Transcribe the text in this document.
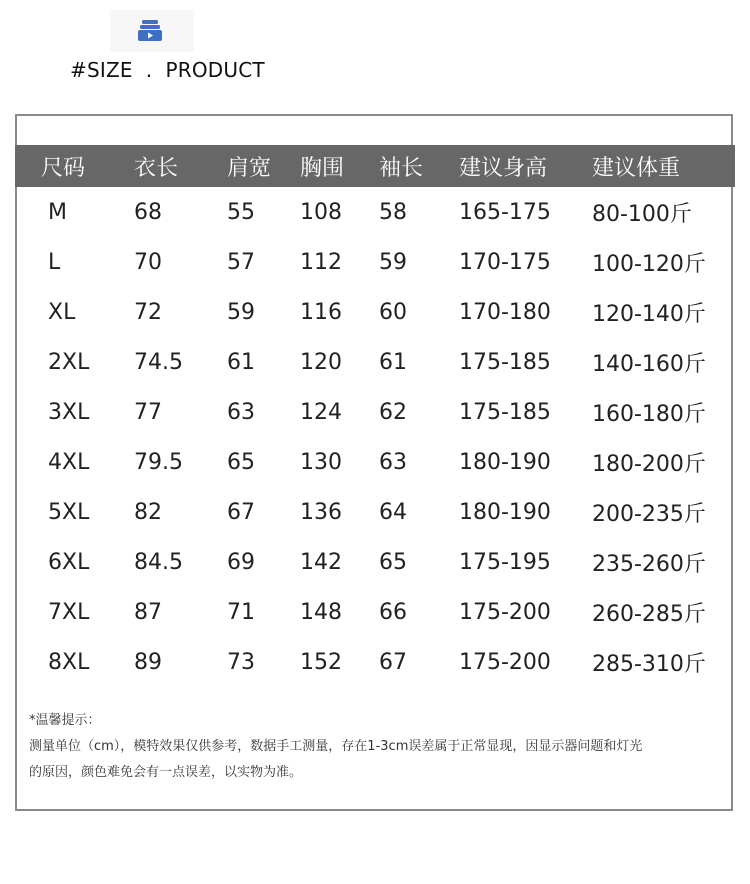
#SIZE  .  PRODUCT
尺码	衣长	肩宽	胸围	袖长	建议身高	建议体重
M	68	55	108	58	165-175	80-100斤
L	70	57	112	59	170-175	100-120斤
XL	72	59	116	60	170-180	120-140斤
2XL	74.5	61	120	61	175-185	140-160斤
3XL	77	63	124	62	175-185	160-180斤
4XL	79.5	65	130	63	180-190	180-200斤
5XL	82	67	136	64	180-190	200-235斤
6XL	84.5	69	142	65	175-195	235-260斤
7XL	87	71	148	66	175-200	260-285斤
8XL	89	73	152	67	175-200	285-310斤

*温馨提示：

测量单位（cm），模特效果仅供参考，数据手工测量，存在1-3cm误差属于正常显现，因显示器问题和灯光

的原因，颜色难免会有一点误差，以实物为准。
